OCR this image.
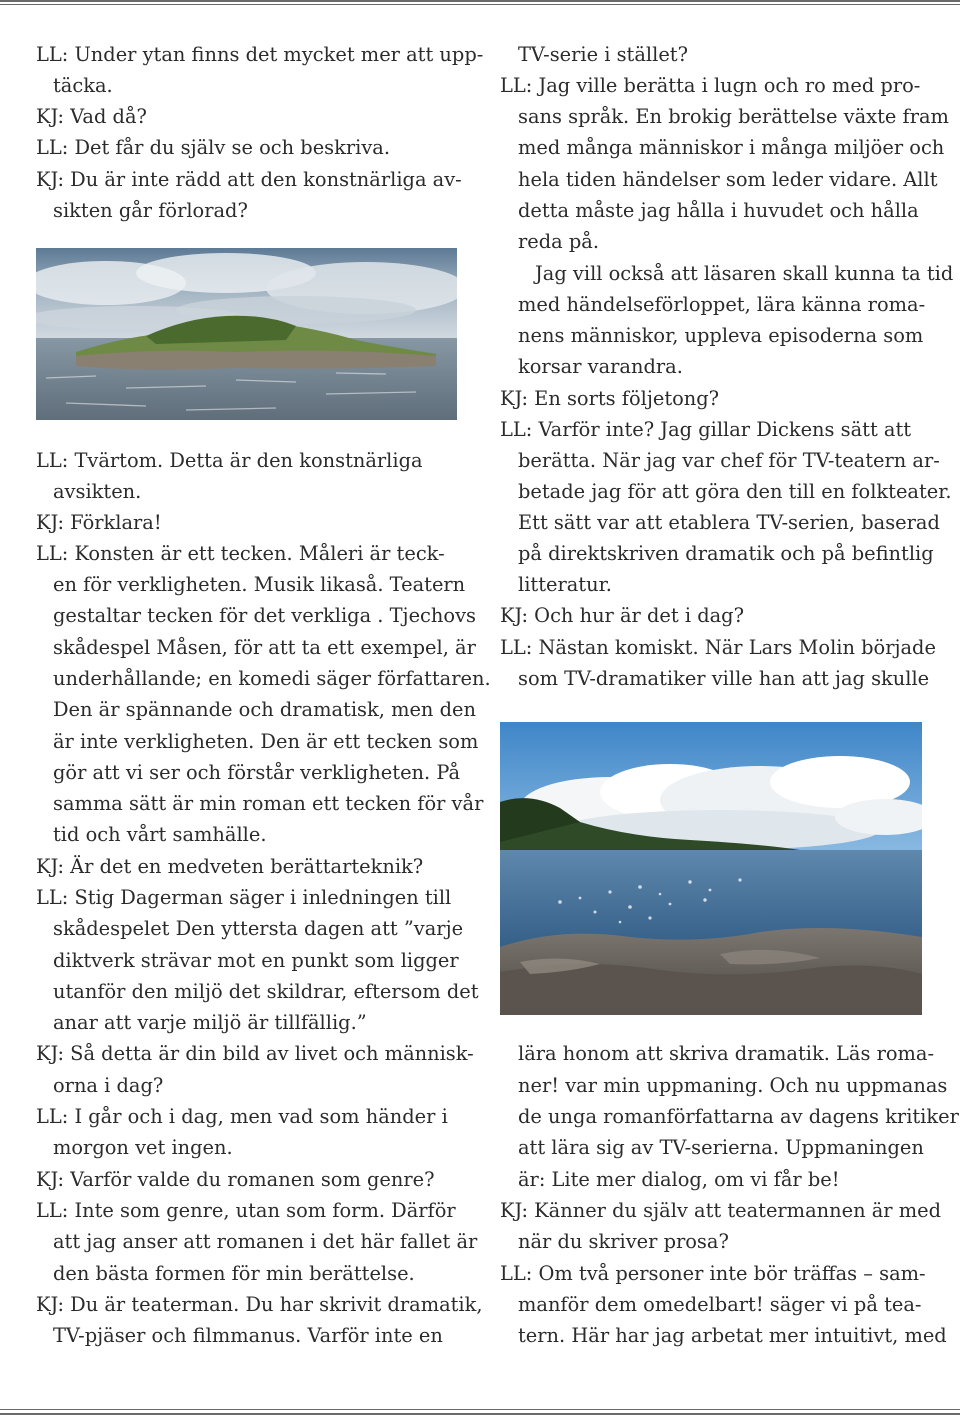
LL: Under ytan finns det mycket mer att upp-
täcka.
KJ: Vad då?
LL: Det får du själv se och beskriva.
KJ: Du är inte rädd att den konstnärliga av-
sikten går förlorad?
LL: Tvärtom. Detta är den konstnärliga
avsikten.
KJ: Förklara!
LL: Konsten är ett tecken. Måleri är teck-
en för verkligheten. Musik likaså. Teatern
gestaltar tecken för det verkliga . Tjechovs
skådespel Måsen, för att ta ett exempel, är
underhållande; en komedi säger författaren.
Den är spännande och dramatisk, men den
är inte verkligheten. Den är ett tecken som
gör att vi ser och förstår verkligheten. På
samma sätt är min roman ett tecken för vår
tid och vårt samhälle.
KJ: Är det en medveten berättarteknik?
LL: Stig Dagerman säger i inledningen till
skådespelet Den yttersta dagen att ”varje
diktverk strävar mot en punkt som ligger
utanför den miljö det skildrar, eftersom det
anar att varje miljö är tillfällig.”
KJ: Så detta är din bild av livet och människ-
orna i dag?
LL: I går och i dag, men vad som händer i
morgon vet ingen.
KJ: Varför valde du romanen som genre?
LL: Inte som genre, utan som form. Därför
att jag anser att romanen i det här fallet är
den bästa formen för min berättelse.
KJ: Du är teaterman. Du har skrivit dramatik,
TV-pjäser och filmmanus. Varför inte en
TV-serie i stället?
LL: Jag ville berätta i lugn och ro med pro-
sans språk. En brokig berättelse växte fram
med många människor i många miljöer och
hela tiden händelser som leder vidare. Allt
detta måste jag hålla i huvudet och hålla
reda på.
Jag vill också att läsaren skall kunna ta tid
med händelseförloppet, lära känna roma-
nens människor, uppleva episoderna som
korsar varandra.
KJ: En sorts följetong?
LL: Varför inte? Jag gillar Dickens sätt att
berätta. När jag var chef för TV-teatern ar-
betade jag för att göra den till en folkteater.
Ett sätt var att etablera TV-serien, baserad
på direktskriven dramatik och på befintlig
litteratur.
KJ: Och hur är det i dag?
LL: Nästan komiskt. När Lars Molin började
som TV-dramatiker ville han att jag skulle
lära honom att skriva dramatik. Läs roma-
ner! var min uppmaning. Och nu uppmanas
de unga romanförfattarna av dagens kritiker
att lära sig av TV-serierna. Uppmaningen
är: Lite mer dialog, om vi får be!
KJ: Känner du själv att teatermannen är med
när du skriver prosa?
LL: Om två personer inte bör träffas – sam-
manför dem omedelbart! säger vi på tea-
tern. Här har jag arbetat mer intuitivt, med
